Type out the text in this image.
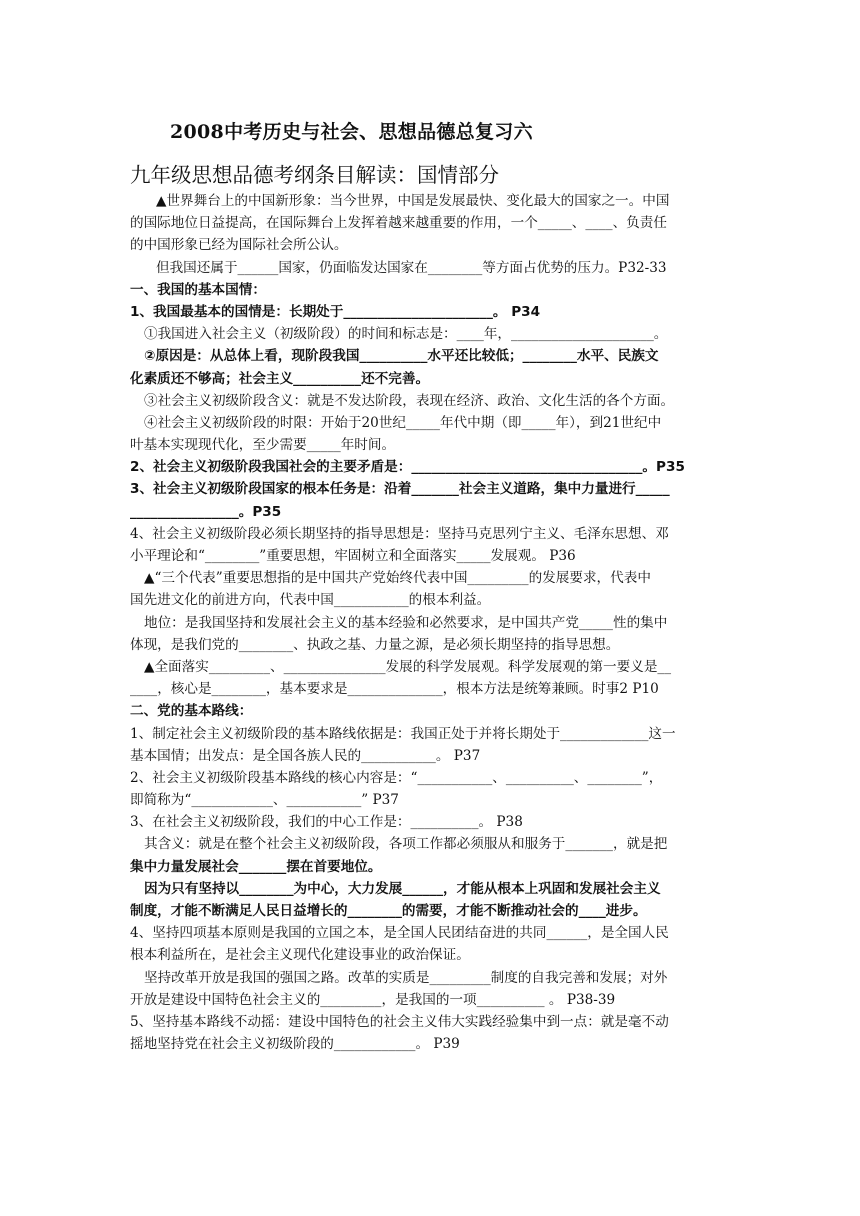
2008中考历史与社会、思想品德总复习六
九年级思想品德考纲条目解读：国情部分
▲世界舞台上的中国新形象：当今世界，中国是发展最快、变化最大的国家之一。中国
的国际地位日益提高，在国际舞台上发挥着越来越重要的作用，一个_____、____、负责任
的中国形象已经为国际社会所公认。
但我国还属于______国家，仍面临发达国家在________等方面占优势的压力。P32-33
一、我国的基本国情：
1、我国最基本的国情是：长期处于______________________。 P34
①我国进入社会主义（初级阶段）的时间和标志是：____年，_____________________。
②原因是：从总体上看，现阶段我国__________水平还比较低；________水平、民族文
化素质还不够高；社会主义__________还不完善。
③社会主义初级阶段含义：就是不发达阶段，表现在经济、政治、文化生活的各个方面。
④社会主义初级阶段的时限：开始于20世纪_____年代中期（即_____年），到21世纪中
叶基本实现现代化，至少需要_____年时间。
2、社会主义初级阶段我国社会的主要矛盾是：__________________________________。P35
3、社会主义初级阶段国家的根本任务是：沿着_______社会主义道路，集中力量进行_____
________________。P35
4、社会主义初级阶段必须长期坚持的指导思想是：坚持马克思列宁主义、毛泽东思想、邓
小平理论和“________”重要思想，牢固树立和全面落实_____发展观。 P36
▲“三个代表”重要思想指的是中国共产党始终代表中国_________的发展要求，代表中
国先进文化的前进方向，代表中国___________的根本利益。
地位：是我国坚持和发展社会主义的基本经验和必然要求，是中国共产党_____性的集中
体现，是我们党的________、执政之基、力量之源，是必须长期坚持的指导思想。
▲全面落实_________、_______________发展的科学发展观。科学发展观的第一要义是__
____，核心是________，基本要求是______________，根本方法是统筹兼顾。时事2 P10
二、党的基本路线：
1、制定社会主义初级阶段的基本路线依据是：我国正处于并将长期处于_____________这一
基本国情；出发点：是全国各族人民的___________。 P37
2、社会主义初级阶段基本路线的核心内容是：“___________、__________、________”，
即简称为“____________、___________” P37
3、在社会主义初级阶段，我们的中心工作是：__________。 P38
其含义：就是在整个社会主义初级阶段，各项工作都必须服从和服务于_______，就是把
集中力量发展社会_______摆在首要地位。
因为只有坚持以________为中心，大力发展______，才能从根本上巩固和发展社会主义
制度，才能不断满足人民日益增长的________的需要，才能不断推动社会的____进步。
4、坚持四项基本原则是我国的立国之本，是全国人民团结奋进的共同______，是全国人民
根本利益所在，是社会主义现代化建设事业的政治保证。
坚持改革开放是我国的强国之路。改革的实质是_________制度的自我完善和发展；对外
开放是建设中国特色社会主义的_________，是我国的一项__________ 。 P38-39
5、坚持基本路线不动摇：建设中国特色的社会主义伟大实践经验集中到一点：就是毫不动
摇地坚持党在社会主义初级阶段的____________。 P39
